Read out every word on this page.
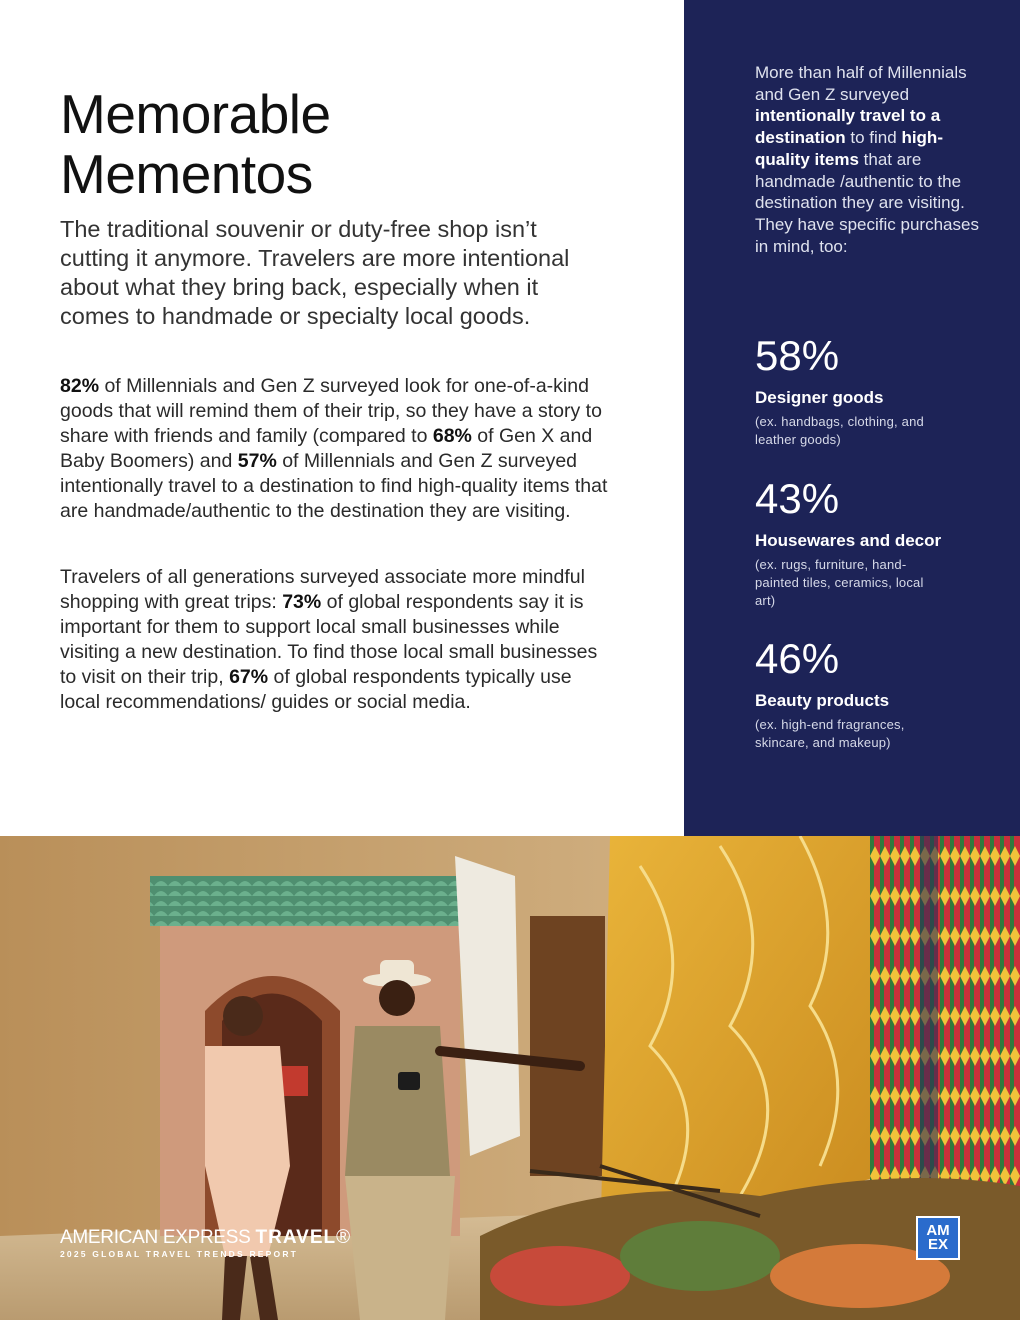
Memorable
Mementos

The traditional souvenir or duty-free shop isn’t cutting it anymore. Travelers are more intentional about what they bring back, especially when it comes to handmade or specialty local goods.

82% of Millennials and Gen Z surveyed look for one-of-a-kind goods that will remind them of their trip, so they have a story to share with friends and family (compared to 68% of Gen X and Baby Boomers) and 57% of Millennials and Gen Z surveyed intentionally travel to a destination to find high-quality items that are handmade/authentic to the destination they are visiting.

Travelers of all generations surveyed associate more mindful shopping with great trips: 73% of global respondents say it is important for them to support local small businesses while visiting a new destination. To find those local small businesses to visit on their trip, 67% of global respondents typically use local recommendations/ guides or social media.

More than half of Millennials and Gen Z surveyed intentionally travel to a destination to find high-quality items that are handmade /authentic to the destination they are visiting. They have specific purchases in mind, too:

58%

Designer goods

(ex. handbags, clothing, and leather goods)

43%

Housewares and decor

(ex. rugs, furniture, hand-painted tiles, ceramics, local art)

46%

Beauty products

(ex. high-end fragrances, skincare, and makeup)

AMERICAN EXPRESS TRAVEL®

2025 GLOBAL TRAVEL TRENDS REPORT

AM
EX
